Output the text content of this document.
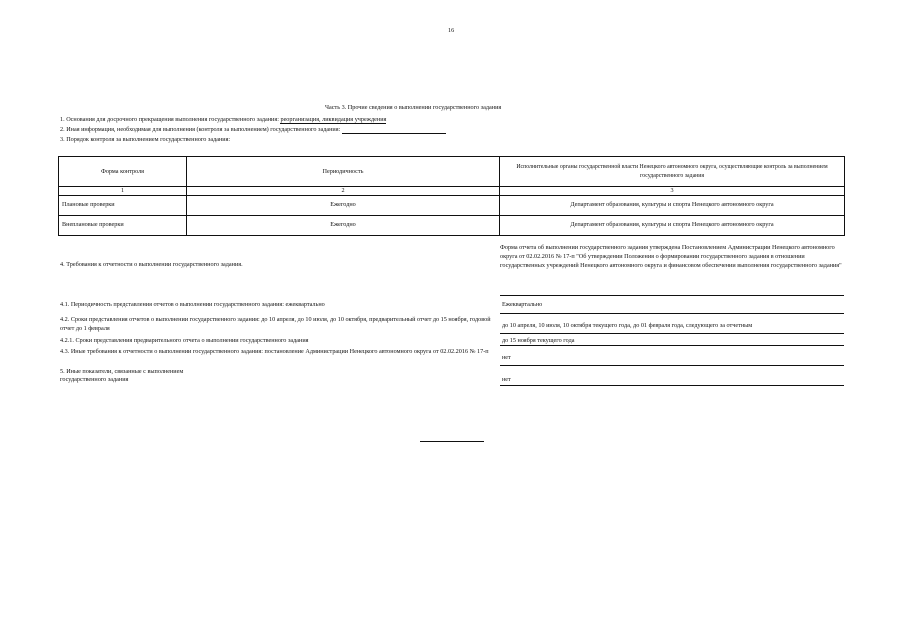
16
Часть 3. Прочие сведения о выполнении государственного задания
1. Основания для досрочного прекращения выполнения государственного задания: реорганизация, ликвидация учреждения
2. Иная информация, необходимая для выполнения (контроля за выполнением) государственного задания:
3. Порядок контроля за выполнением государственного задания:
Форма контроля	Периодичность	Исполнительные органы государственной власти Ненецкого автономного округа, осуществляющие контроль за выполнением государственного задания
1	2	3
Плановые проверки	Ежегодно	Департамент образования, культуры и спорта Ненецкого автономного округа
Внеплановые проверки	Ежегодно	Департамент образования, культуры и спорта Ненецкого автономного округа
4. Требования к отчетности о выполнении государственного задания.
Форма отчета об выполнении государственного задания утверждена Постановлением Администрации Ненецкого автономного округа от 02.02.2016 № 17-п "Об утверждении Положения о формировании государственного задания в отношении государственных учреждений Ненецкого автономного округа и финансовом обеспечении выполнения государственного задания"
4.1. Периодичность представления отчетов о выполнении государственного задания: ежеквартально	Ежеквартально
4.2. Сроки представления отчетов о выполнении государственного задания: до 10 апреля, до 10 июля, до 10 октября, предварительный отчет до 15 ноября, годовой отчет до 1 февраля	до 10 апреля, 10 июля, 10 октября текущего года, до 01 февраля года, следующего за отчетным
4.2.1. Сроки представления предварительного отчета о выполнении государственного задания	до 15 ноября текущего года
4.3. Иные требования к отчетности о выполнении государственного задания: постановление Администрации Ненецкого автономного округа от 02.02.2016 № 17-п
нет
5. Иные показатели, связанные с выполнением
государственного задания	нет
